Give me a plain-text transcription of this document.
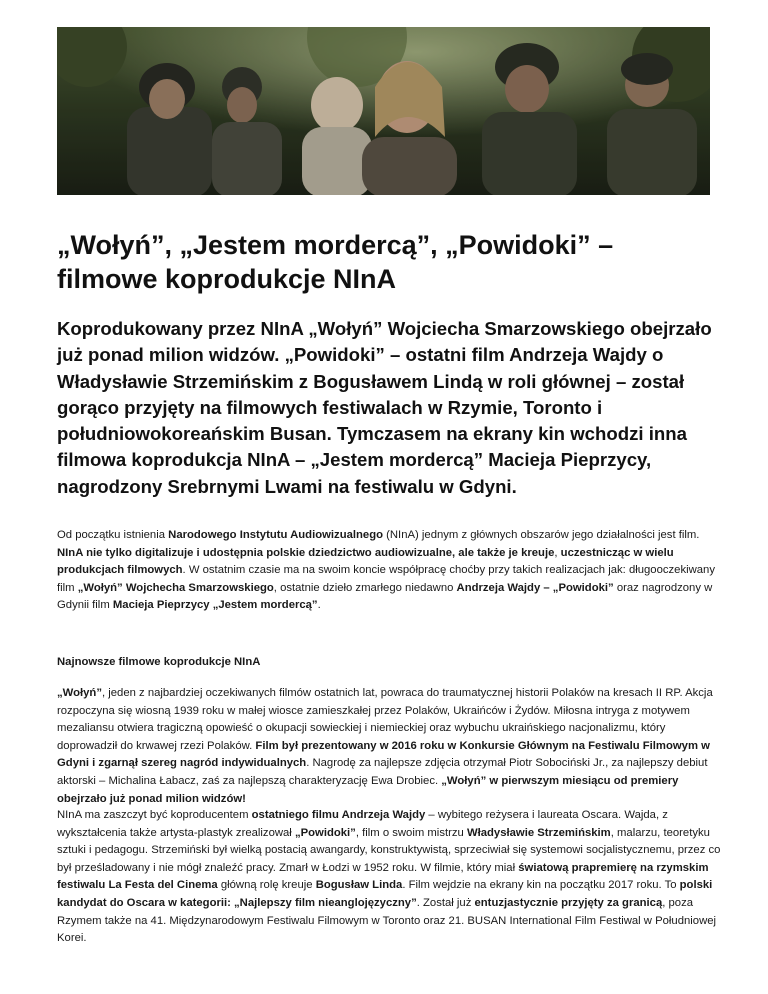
„Wołyń”, „Jestem mordercą”, „Powidoki” – filmowe koprodukcje NInA

Koprodukowany przez NInA „Wołyń” Wojciecha Smarzowskiego obejrzało już ponad milion widzów. „Powidoki” – ostatni film Andrzeja Wajdy o Władysławie Strzemińskim z Bogusławem Lindą w roli głównej – został gorąco przyjęty na filmowych festiwalach w Rzymie, Toronto i południowokoreańskim Busan. Tymczasem na ekrany kin wchodzi inna filmowa koprodukcja NInA – „Jestem mordercą” Macieja Pieprzycy, nagrodzony Srebrnymi Lwami na festiwalu w Gdyni.

Od początku istnienia Narodowego Instytutu Audiowizualnego (NInA) jednym z głównych obszarów jego działalności jest film. NInA nie tylko digitalizuje i udostępnia polskie dziedzictwo audiowizualne, ale także je kreuje, uczestnicząc w wielu produkcjach filmowych. W ostatnim czasie ma na swoim koncie współpracę choćby przy takich realizacjach jak: długooczekiwany film „Wołyń” Wojchecha Smarzowskiego, ostatnie dzieło zmarłego niedawno Andrzeja Wajdy – „Powidoki” oraz nagrodzony w Gdynii film Macieja Pieprzycy „Jestem mordercą”.

Najnowsze filmowe koprodukcje NInA

„Wołyń”, jeden z najbardziej oczekiwanych filmów ostatnich lat, powraca do traumatycznej historii Polaków na kresach II RP. Akcja rozpoczyna się wiosną 1939 roku w małej wiosce zamieszkałej przez Polaków, Ukraińców i Żydów. Miłosna intryga z motywem mezaliansu otwiera tragiczną opowieść o okupacji sowieckiej i niemieckiej oraz wybuchu ukraińskiego nacjonalizmu, który doprowadził do krwawej rzezi Polaków. Film był prezentowany w 2016 roku w Konkursie Głównym na Festiwalu Filmowym w Gdyni i zgarnął szereg nagród indywidualnych. Nagrodę za najlepsze zdjęcia otrzymał Piotr Sobociński Jr., za najlepszy debiut aktorski – Michalina Łabacz, zaś za najlepszą charakteryzację Ewa Drobiec. „Wołyń” w pierwszym miesiącu od premiery obejrzało już ponad milion widzów!

NInA ma zaszczyt być koproducentem ostatniego filmu Andrzeja Wajdy – wybitego reżysera i laureata Oscara. Wajda, z wykształcenia także artysta-plastyk zrealizował „Powidoki”, film o swoim mistrzu Władysławie Strzemińskim, malarzu, teoretyku sztuki i pedagogu. Strzemiński był wielką postacią awangardy, konstruktywistą, sprzeciwiał się systemowi socjalistycznemu, przez co był prześladowany i nie mógł znaleźć pracy. Zmarł w Łodzi w 1952 roku. W filmie, który miał światową prapremierę na rzymskim festiwalu La Festa del Cinema główną rolę kreuje Bogusław Linda. Film wejdzie na ekrany kin na początku 2017 roku. To polski kandydat do Oscara w kategorii: „Najlepszy film nieanglojęzyczny”. Został już entuzjastycznie przyjęty za granicą, poza Rzymem także na 41. Międzynarodowym Festiwalu Filmowym w Toronto oraz 21. BUSAN International Film Festiwal w Południowej Korei.
